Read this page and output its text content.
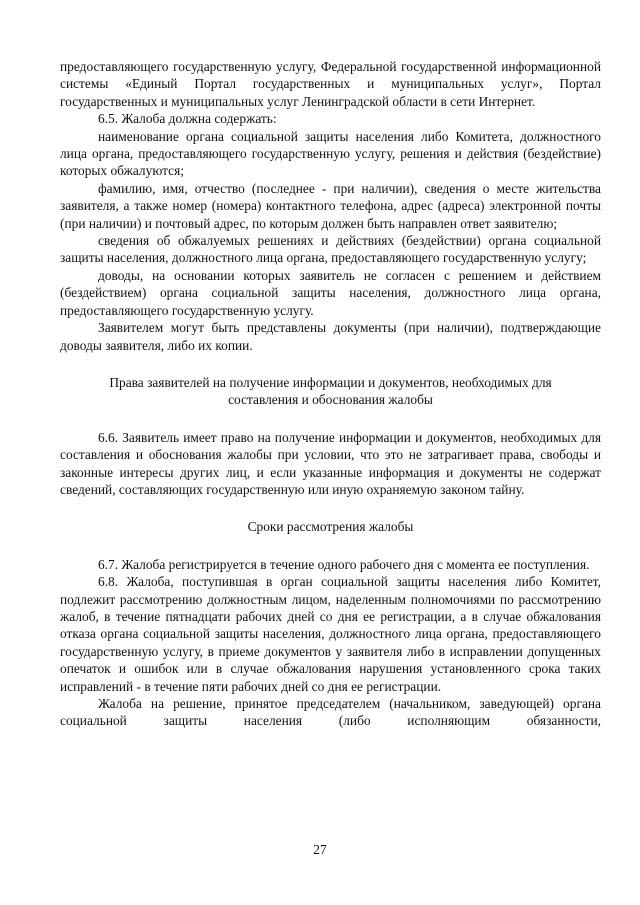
предоставляющего государственную услугу, Федеральной государственной информационной системы «Единый Портал государственных и муниципальных услуг», Портал государственных и муниципальных услуг Ленинградской области в сети Интернет.

6.5. Жалоба должна содержать:

наименование органа социальной защиты населения либо Комитета, должностного лица органа, предоставляющего государственную услугу, решения и действия (бездействие) которых обжалуются;

фамилию, имя, отчество (последнее - при наличии), сведения о месте жительства заявителя, а также номер (номера) контактного телефона, адрес (адреса) электронной почты (при наличии) и почтовый адрес, по которым должен быть направлен ответ заявителю;

сведения об обжалуемых решениях и действиях (бездействии) органа социальной защиты населения, должностного лица органа, предоставляющего государственную услугу;

доводы, на основании которых заявитель не согласен с решением и действием (бездействием) органа социальной защиты населения, должностного лица органа, предоставляющего государственную услугу.

Заявителем могут быть представлены документы (при наличии), подтверждающие доводы заявителя, либо их копии.

Права заявителей на получение информации и документов, необходимых для составления и обоснования жалобы

6.6. Заявитель имеет право на получение информации и документов, необходимых для составления и обоснования жалобы при условии, что это не затрагивает права, свободы и законные интересы других лиц, и если указанные информация и документы не содержат сведений, составляющих государственную или иную охраняемую законом тайну.

Сроки рассмотрения жалобы

6.7. Жалоба регистрируется в течение одного рабочего дня с момента ее поступления.

6.8. Жалоба, поступившая в орган социальной защиты населения либо Комитет, подлежит рассмотрению должностным лицом, наделенным полномочиями по рассмотрению жалоб, в течение пятнадцати рабочих дней со дня ее регистрации, а в случае обжалования отказа органа социальной защиты населения, должностного лица органа, предоставляющего государственную услугу, в приеме документов у заявителя либо в исправлении допущенных опечаток и ошибок или в случае обжалования нарушения установленного срока таких исправлений - в течение пяти рабочих дней со дня ее регистрации.

Жалоба на решение, принятое председателем (начальником, заведующей) органа социальной защиты населения (либо исполняющим обязанности,

27
